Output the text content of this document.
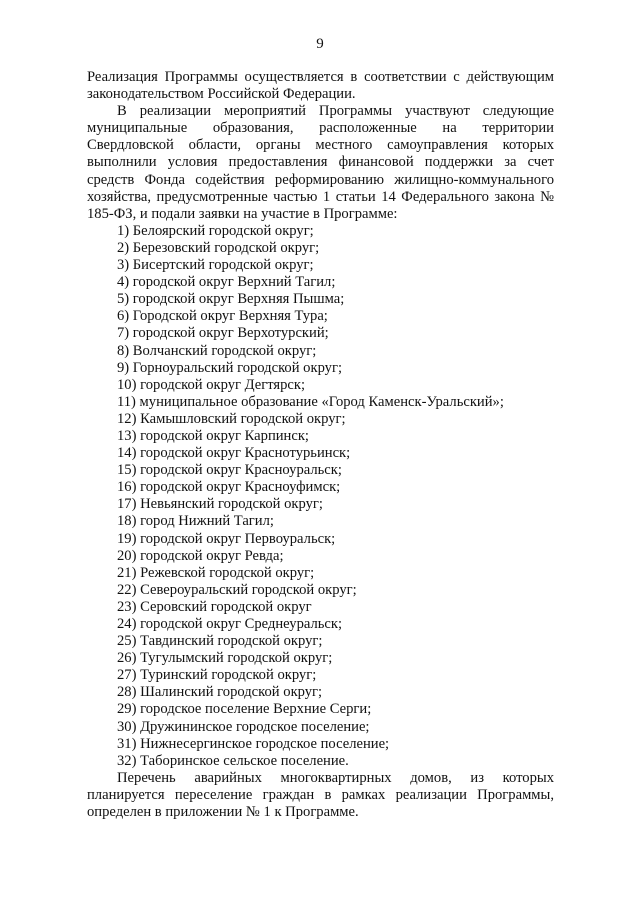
9

Реализация Программы осуществляется в соответствии с действующим законодательством Российской Федерации.

В реализации мероприятий Программы участвуют следующие муниципальные образования, расположенные на территории Свердловской области, органы местного самоуправления которых выполнили условия предоставления финансовой поддержки за счет средств Фонда содействия реформированию жилищно-коммунального хозяйства, предусмотренные частью 1 статьи 14 Федерального закона № 185-ФЗ, и подали заявки на участие в Программе:

1) Белоярский городской округ;
2) Березовский городской округ;
3) Бисертский городской округ;
4) городской округ Верхний Тагил;
5) городской округ Верхняя Пышма;
6) Городской округ Верхняя Тура;
7) городской округ Верхотурский;
8) Волчанский городской округ;
9) Горноуральский городской округ;
10) городской округ Дегтярск;
11) муниципальное образование «Город Каменск-Уральский»;
12) Камышловский городской округ;
13) городской округ Карпинск;
14) городской округ Краснотурьинск;
15) городской округ Красноуральск;
16) городской округ Красноуфимск;
17) Невьянский городской округ;
18) город Нижний Тагил;
19) городской округ Первоуральск;
20) городской округ Ревда;
21) Режевской городской округ;
22) Североуральский городской округ;
23) Серовский городской округ
24) городской округ Среднеуральск;
25) Тавдинский городской округ;
26) Тугулымский городской округ;
27) Туринский городской округ;
28) Шалинский городской округ;
29) городское поселение Верхние Серги;
30) Дружининское городское поселение;
31) Нижнесергинское городское поселение;
32) Таборинское сельское поселение.

Перечень аварийных многоквартирных домов, из которых планируется переселение граждан в рамках реализации Программы, определен в приложении № 1 к Программе.
